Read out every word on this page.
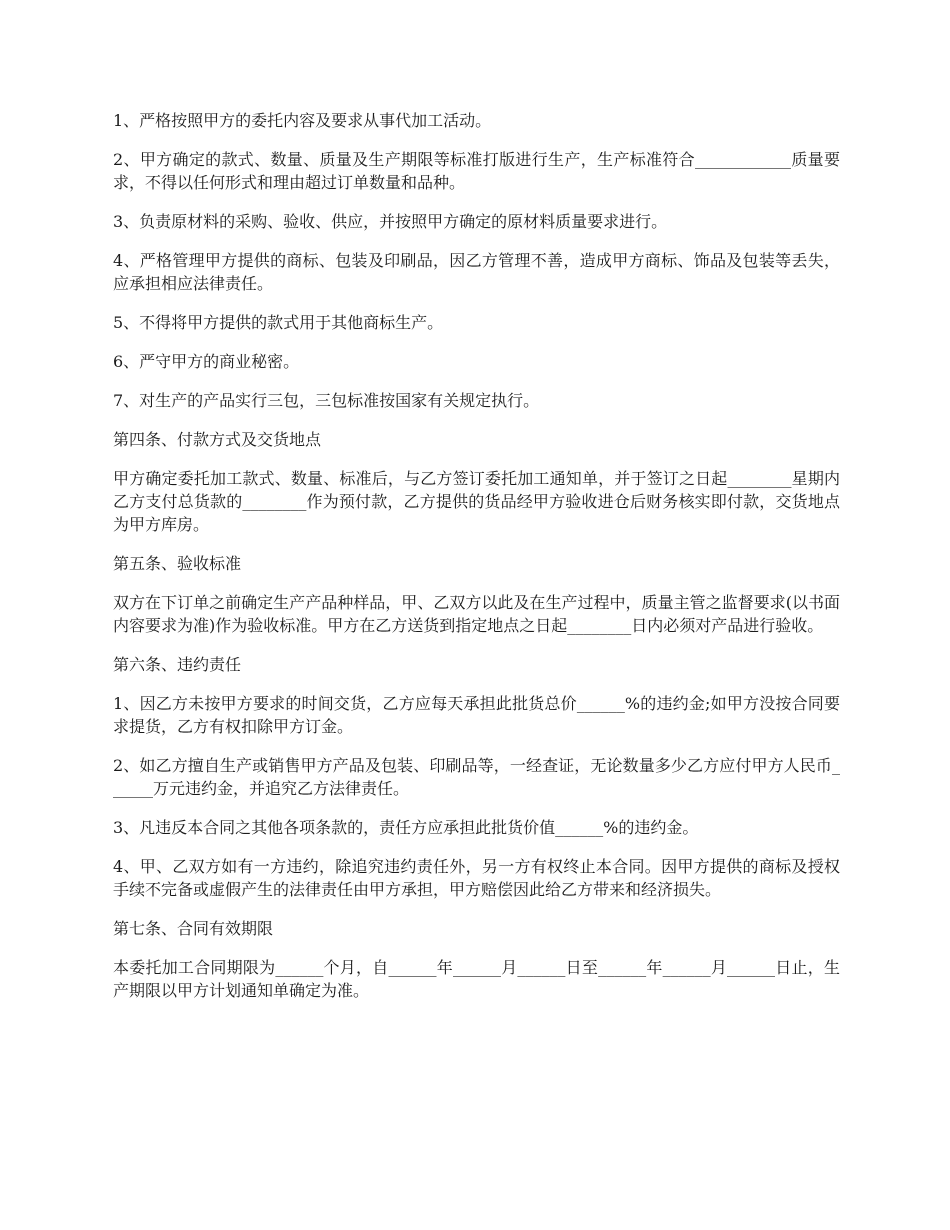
1、严格按照甲方的委托内容及要求从事代加工活动。

2、甲方确定的款式、数量、质量及生产期限等标准打版进行生产，生产标准符合____________质量要求，不得以任何形式和理由超过订单数量和品种。

3、负责原材料的采购、验收、供应，并按照甲方确定的原材料质量要求进行。

4、严格管理甲方提供的商标、包装及印刷品，因乙方管理不善，造成甲方商标、饰品及包装等丢失，应承担相应法律责任。

5、不得将甲方提供的款式用于其他商标生产。

6、严守甲方的商业秘密。

7、对生产的产品实行三包，三包标准按国家有关规定执行。

第四条、付款方式及交货地点

甲方确定委托加工款式、数量、标准后，与乙方签订委托加工通知单，并于签订之日起________星期内乙方支付总货款的________作为预付款，乙方提供的货品经甲方验收进仓后财务核实即付款，交货地点为甲方库房。

第五条、验收标准

双方在下订单之前确定生产产品种样品，甲、乙双方以此及在生产过程中，质量主管之监督要求(以书面内容要求为准)作为验收标准。甲方在乙方送货到指定地点之日起________日内必须对产品进行验收。

第六条、违约责任

1、因乙方未按甲方要求的时间交货，乙方应每天承担此批货总价______%的违约金;如甲方没按合同要求提货，乙方有权扣除甲方订金。

2、如乙方擅自生产或销售甲方产品及包装、印刷品等，一经查证，无论数量多少乙方应付甲方人民币______万元违约金，并追究乙方法律责任。

3、凡违反本合同之其他各项条款的，责任方应承担此批货价值______%的违约金。

4、甲、乙双方如有一方违约，除追究违约责任外，另一方有权终止本合同。因甲方提供的商标及授权手续不完备或虚假产生的法律责任由甲方承担，甲方赔偿因此给乙方带来和经济损失。

第七条、合同有效期限

本委托加工合同期限为______个月，自______年______月______日至______年______月______日止，生产期限以甲方计划通知单确定为准。
